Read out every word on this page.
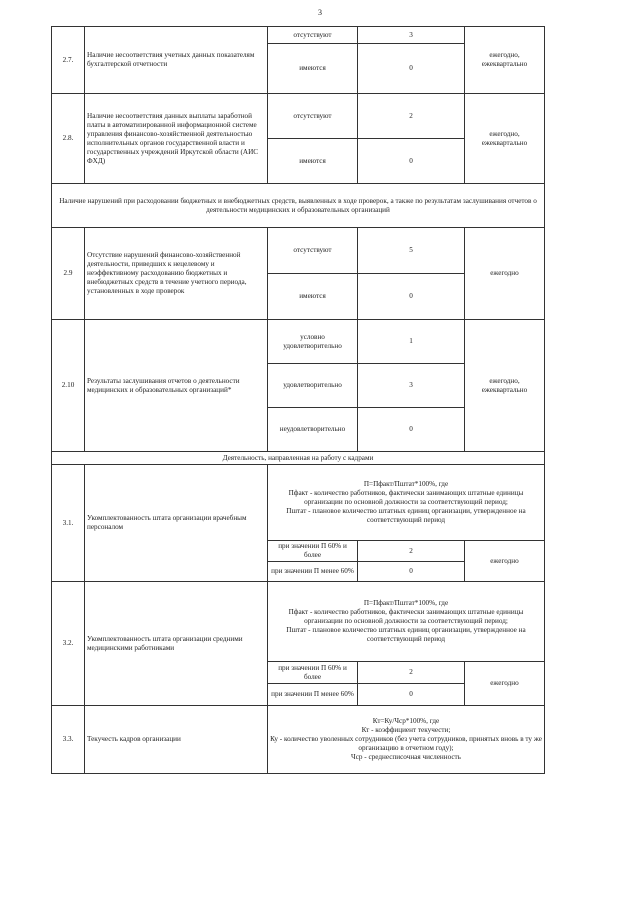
3
2.7.	Наличие несоответствия учетных данных показателям бухгалтерской отчетности	отсутствуют	3	ежегодно, ежеквартально
		имеются	0	
2.8.	Наличие несоответствия данных выплаты заработной платы в автоматизированной информационной системе управления финансово-хозяйственной деятельностью исполнительных органов государственной власти и государственных учреждений Иркутской области (АИС ФХД)	отсутствуют	2	ежегодно, ежеквартально
		имеются	0	
Наличие нарушений при расходовании бюджетных и внебюджетных средств, выявленных в ходе проверок, а также по результатам заслушивания отчетов о деятельности медицинских и образовательных организаций				
2.9	Отсутствие нарушений финансово-хозяйственной деятельности, приведших к нецелевому и неэффективному расходованию бюджетных и внебюджетных средств в течение учетного периода, установленных в ходе проверок	отсутствуют	5	ежегодно
		имеются	0	
2.10	Результаты заслушивания отчетов о деятельности медицинских и образовательных организаций*	условно удовлетворительно	1	ежегодно, ежеквартально
		удовлетворительно	3	
		неудовлетворительно	0	
Деятельность, направленная на работу с кадрами				
3.1.	Укомплектованность штата организации врачебным персоналом	П=Пфакт/Пштат*100%, где
Пфакт - количество работников, фактически занимающих штатные единицы организации по основной должности за соответствующий период;
Пштат - плановое количество штатных единиц организации, утвержденное на соответствующий период		
		при значении П 60% и более	2	ежегодно
		при значении П менее 60%	0	
3.2.	Укомплектованность штата организации средними медицинскими работниками	П=Пфакт/Пштат*100%, где
Пфакт - количество работников, фактически занимающих штатные единицы организации по основной должности за соответствующий период;
Пштат - плановое количество штатных единиц организации, утвержденное на соответствующий период		
		при значении П 60% и более	2	ежегодно
		при значении П менее 60%	0	
3.3.	Текучесть кадров организации	Кт=Ку/Чср*100%, где
Кт - коэффициент текучести;
Ку - количество уволенных сотрудников (без учета сотрудников, принятых вновь в ту же организацию в отчетном году);
Чср - среднесписочная численность		
